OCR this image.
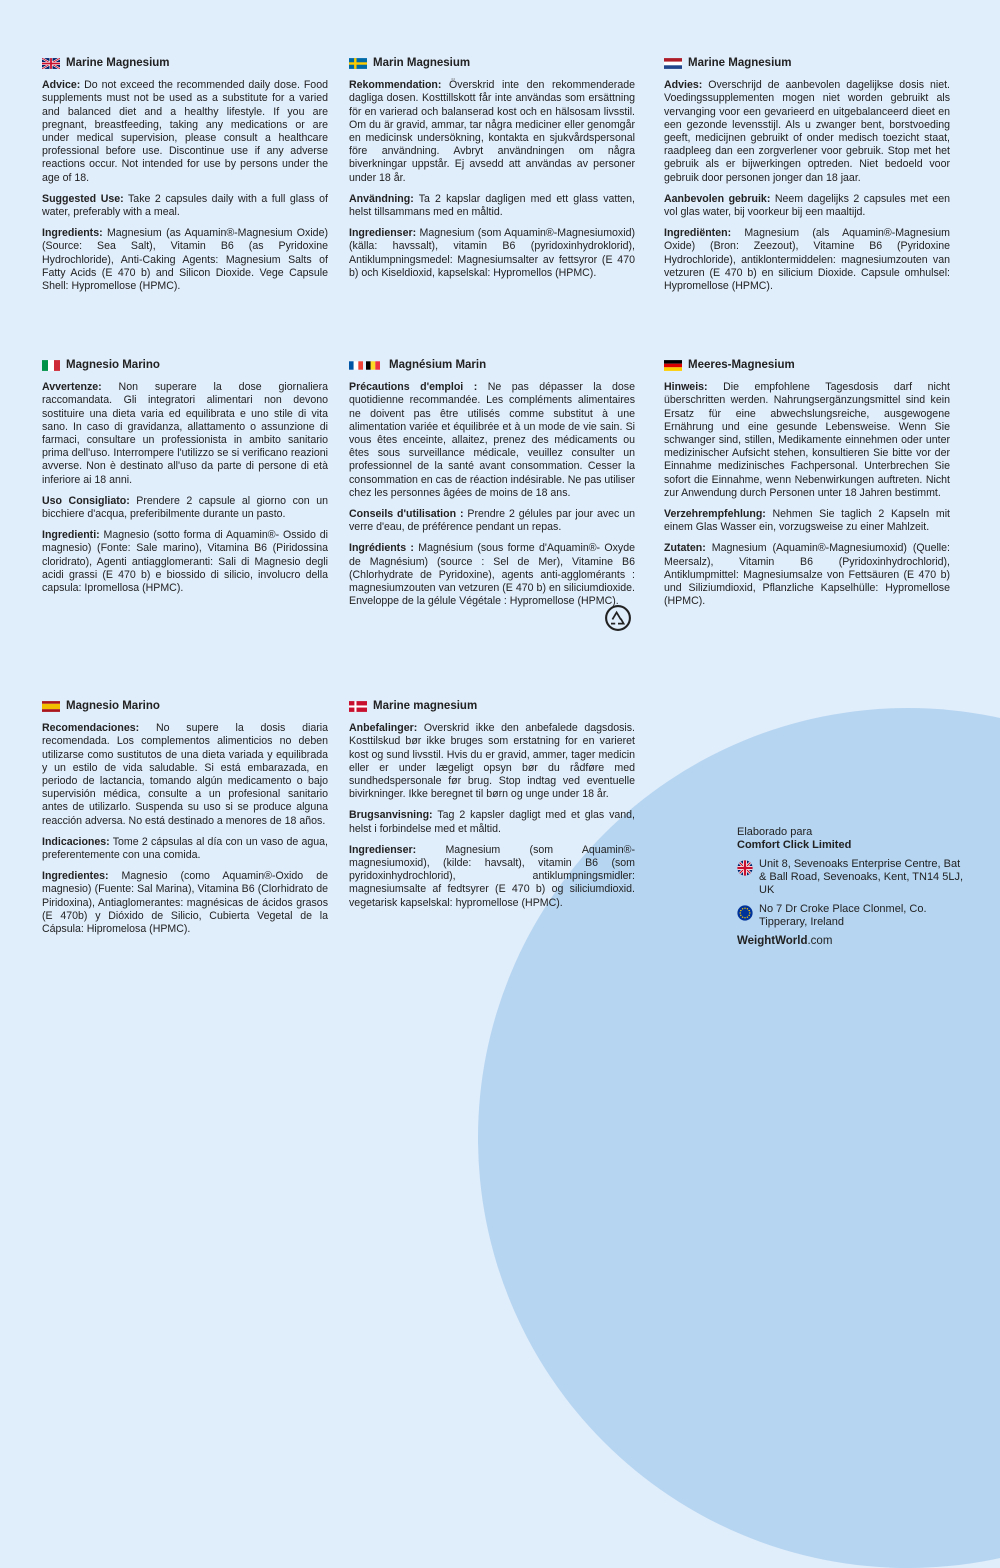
Marine Magnesium

Advice: Do not exceed the recommended daily dose. Food supplements must not be used as a substitute for a varied and balanced diet and a healthy lifestyle. If you are pregnant, breastfeeding, taking any medications or are under medical supervision, please consult a healthcare professional before use. Discontinue use if any adverse reactions occur. Not intended for use by persons under the age of 18.

Suggested Use: Take 2 capsules daily with a full glass of water, preferably with a meal.

Ingredients: Magnesium (as Aquamin®-Magnesium Oxide) (Source: Sea Salt), Vitamin B6 (as Pyridoxine Hydrochloride), Anti-Caking Agents: Magnesium Salts of Fatty Acids (E 470 b) and Silicon Dioxide. Vege Capsule Shell: Hypromellose (HPMC).

Marin Magnesium

Rekommendation: Överskrid inte den rekommenderade dagliga dosen. Kosttillskott får inte användas som ersättning för en varierad och balanserad kost och en hälsosam livsstil. Om du är gravid, ammar, tar några mediciner eller genomgår en medicinsk undersökning, kontakta en sjukvårdspersonal före användning. Avbryt användningen om några biverkningar uppstår. Ej avsedd att användas av personer under 18 år.

Användning: Ta 2 kapslar dagligen med ett glass vatten, helst tillsammans med en måltid.

Ingredienser: Magnesium (som Aquamin®-Magnesiumoxid) (källa: havssalt), vitamin B6 (pyridoxinhydroklorid), Antiklumpningsmedel: Magnesiumsalter av fettsyror (E 470 b) och Kiseldioxid, kapselskal: Hypromellos (HPMC).

Marine Magnesium

Advies: Overschrijd de aanbevolen dagelijkse dosis niet. Voedingssupplementen mogen niet worden gebruikt als vervanging voor een gevarieerd en uitgebalanceerd dieet en een gezonde levensstijl. Als u zwanger bent, borstvoeding geeft, medicijnen gebruikt of onder medisch toezicht staat, raadpleeg dan een zorgverlener voor gebruik. Stop met het gebruik als er bijwerkingen optreden. Niet bedoeld voor gebruik door personen jonger dan 18 jaar.

Aanbevolen gebruik: Neem dagelijks 2 capsules met een vol glas water, bij voorkeur bij een maaltijd.

Ingrediënten: Magnesium (als Aquamin®-Magnesium Oxide) (Bron: Zeezout), Vitamine B6 (Pyridoxine Hydrochloride), antiklontermiddelen: magnesiumzouten van vetzuren (E 470 b) en silicium Dioxide. Capsule omhulsel: Hypromellose (HPMC).

Magnesio Marino

Avvertenze: Non superare la dose giornaliera raccomandata. Gli integratori alimentari non devono sostituire una dieta varia ed equilibrata e uno stile di vita sano. In caso di gravidanza, allattamento o assunzione di farmaci, consultare un professionista in ambito sanitario prima dell'uso. Interrompere l'utilizzo se si verificano reazioni avverse. Non è destinato all'uso da parte di persone di età inferiore ai 18 anni.

Uso Consigliato: Prendere 2 capsule al giorno con un bicchiere d'acqua, preferibilmente durante un pasto.

Ingredienti: Magnesio (sotto forma di Aquamin®- Ossido di magnesio) (Fonte: Sale marino), Vitamina B6 (Piridossina cloridrato), Agenti antiagglomeranti: Sali di Magnesio degli acidi grassi (E 470 b) e biossido di silicio, involucro della capsula: Ipromellosa (HPMC).

Magnésium Marin

Précautions d'emploi : Ne pas dépasser la dose quotidienne recommandée. Les compléments alimentaires ne doivent pas être utilisés comme substitut à une alimentation variée et équilibrée et à un mode de vie sain. Si vous êtes enceinte, allaitez, prenez des médicaments ou êtes sous surveillance médicale, veuillez consulter un professionnel de la santé avant consommation. Cesser la consommation en cas de réaction indésirable. Ne pas utiliser chez les personnes âgées de moins de 18 ans.

Conseils d'utilisation : Prendre 2 gélules par jour avec un verre d'eau, de préférence pendant un repas.

Ingrédients : Magnésium (sous forme d'Aquamin®- Oxyde de Magnésium) (source : Sel de Mer), Vitamine B6 (Chlorhydrate de Pyridoxine), agents anti-agglomérants : magnesiumzouten van vetzuren (E 470 b) en siliciumdioxide. Enveloppe de la gélule Végétale : Hypromellose (HPMC).

Meeres-Magnesium

Hinweis: Die empfohlene Tagesdosis darf nicht überschritten werden. Nahrungsergänzungsmittel sind kein Ersatz für eine abwechslungsreiche, ausgewogene Ernährung und eine gesunde Lebensweise. Wenn Sie schwanger sind, stillen, Medikamente einnehmen oder unter medizinischer Aufsicht stehen, konsultieren Sie bitte vor der Einnahme medizinisches Fachpersonal. Unterbrechen Sie sofort die Einnahme, wenn Nebenwirkungen auftreten. Nicht zur Anwendung durch Personen unter 18 Jahren bestimmt.

Verzehrempfehlung: Nehmen Sie taglich 2 Kapseln mit einem Glas Wasser ein, vorzugsweise zu einer Mahlzeit.

Zutaten: Magnesium (Aquamin®-Magnesiumoxid) (Quelle: Meersalz), Vitamin B6 (Pyridoxinhydrochlorid), Antiklumpmittel: Magnesiumsalze von Fettsäuren (E 470 b) und Siliziumdioxid, Pflanzliche Kapselhülle: Hypromellose (HPMC).

Magnesio Marino

Recomendaciones: No supere la dosis diaria recomendada. Los complementos alimenticios no deben utilizarse como sustitutos de una dieta variada y equilibrada y un estilo de vida saludable. Si está embarazada, en periodo de lactancia, tomando algún medicamento o bajo supervisión médica, consulte a un profesional sanitario antes de utilizarlo. Suspenda su uso si se produce alguna reacción adversa. No está destinado a menores de 18 años.

Indicaciones: Tome 2 cápsulas al día con un vaso de agua, preferentemente con una comida.

Ingredientes: Magnesio (como Aquamin®-Oxido de magnesio) (Fuente: Sal Marina), Vitamina B6 (Clorhidrato de Piridoxina), Antiaglomerantes: magnésicas de ácidos grasos (E 470b) y Dióxido de Silicio, Cubierta Vegetal de la Cápsula: Hipromelosa (HPMC).

Marine magnesium

Anbefalinger: Overskrid ikke den anbefalede dagsdosis. Kosttilskud bør ikke bruges som erstatning for en varieret kost og sund livsstil. Hvis du er gravid, ammer, tager medicin eller er under lægeligt opsyn bør du rådføre med sundhedspersonale før brug. Stop indtag ved eventuelle bivirkninger. Ikke beregnet til børn og unge under 18 år.

Brugsanvisning: Tag 2 kapsler dagligt med et glas vand, helst i forbindelse med et måltid.

Ingredienser: Magnesium (som Aquamin®-magnesiumoxid), (kilde: havsalt), vitamin B6 (som pyridoxinhydrochlorid), antiklumpningsmidler: magnesiumsalte af fedtsyrer (E 470 b) og siliciumdioxid. vegetarisk kapselskal: hypromellose (HPMC).

Elaborado para
Comfort Click Limited
Unit 8, Sevenoaks Enterprise Centre, Bat & Ball Road, Sevenoaks, Kent, TN14 5LJ, UK
No 7 Dr Croke Place Clonmel, Co. Tipperary, Ireland
WeightWorld.com
